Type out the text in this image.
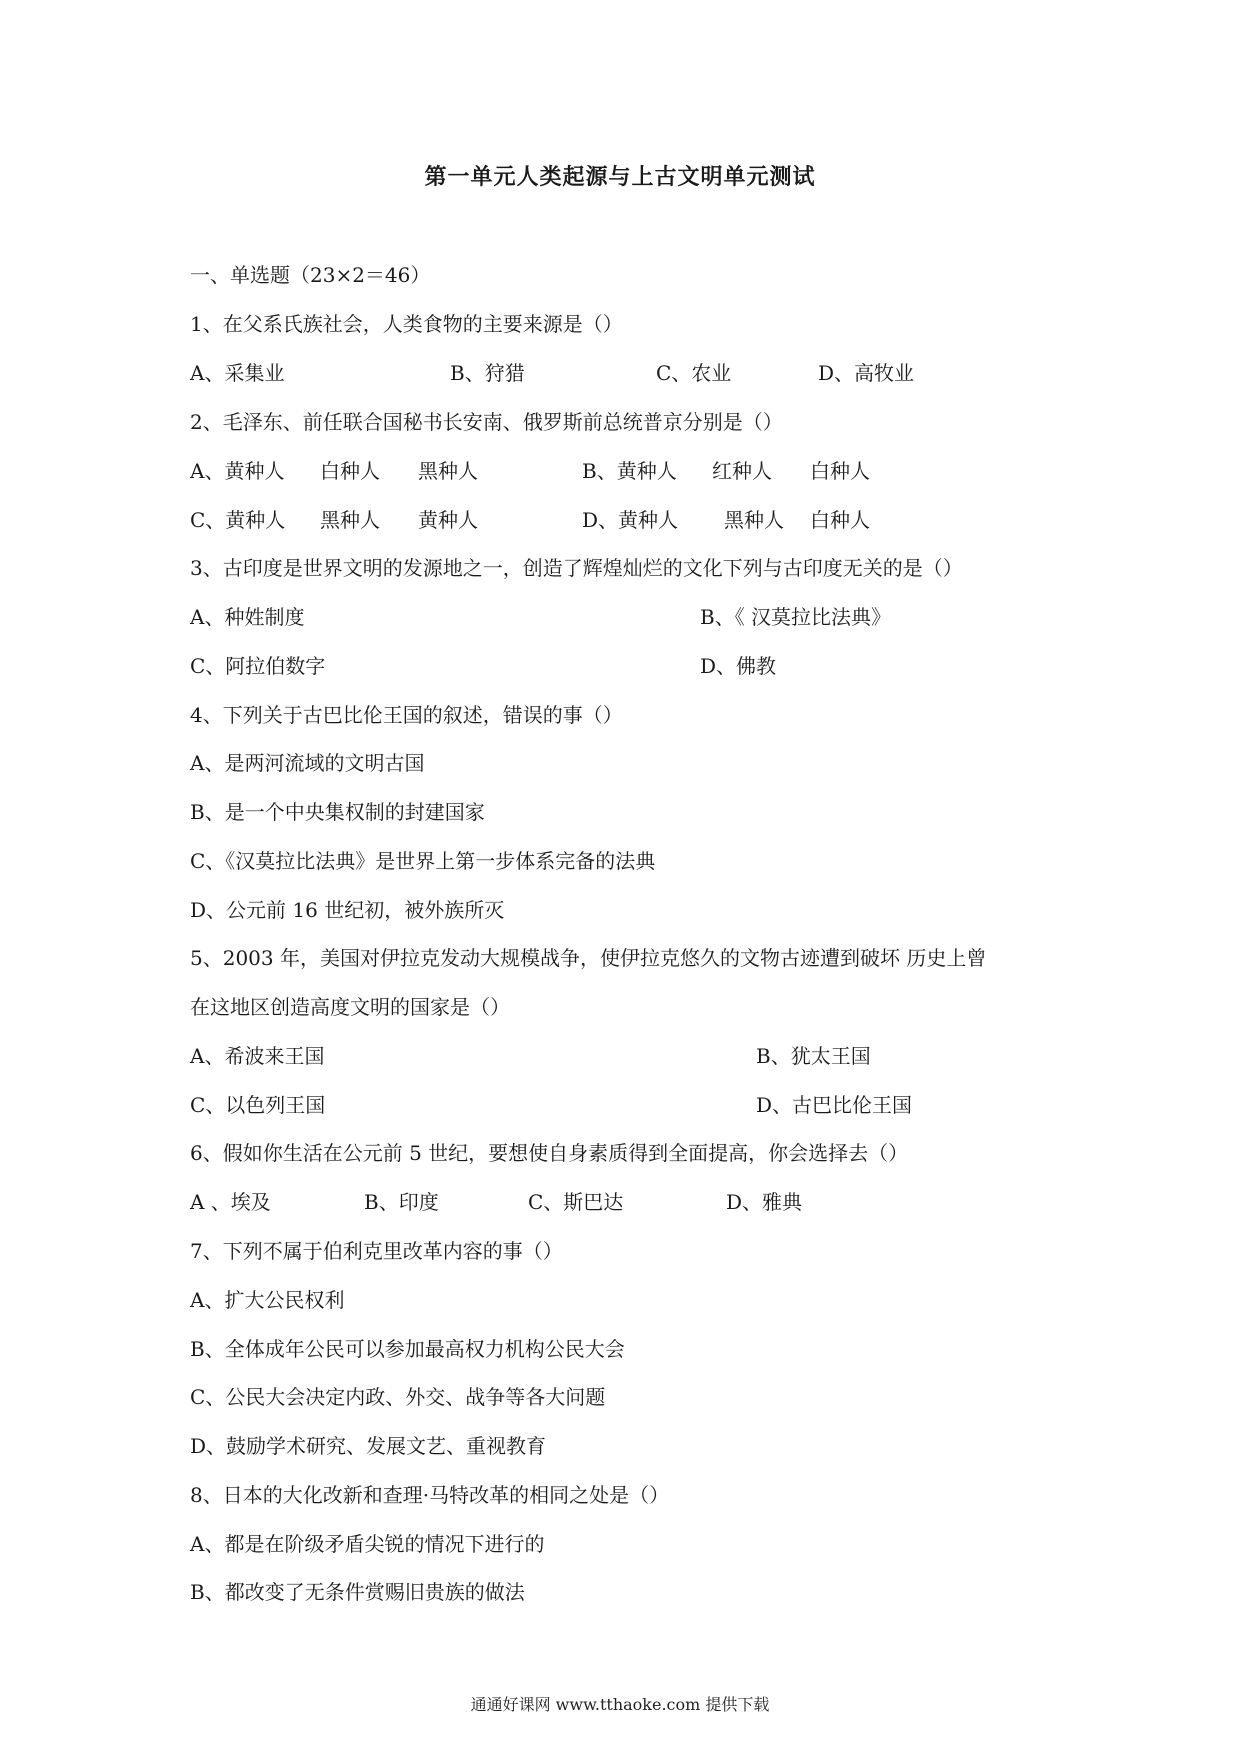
第一单元人类起源与上古文明单元测试
一、单选题（23×2＝46）
1、在父系氏族社会，人类食物的主要来源是（）
A、采集业	B、狩猎	C、农业	D、高牧业
2、毛泽东、前任联合国秘书长安南、俄罗斯前总统普京分别是（）
A、黄种人 白种人 黑种人	B、黄种人 红种人 白种人
C、黄种人 黑种人 黄种人	D、黄种人 黑种人 白种人
3、古印度是世界文明的发源地之一，创造了辉煌灿烂的文化下列与古印度无关的是（）
A、种姓制度	B、《 汉莫拉比法典》
C、阿拉伯数字	D、佛教
4、下列关于古巴比伦王国的叙述，错误的事（）
A、是两河流域的文明古国
B、是一个中央集权制的封建国家
C、《汉莫拉比法典》是世界上第一步体系完备的法典
D、公元前 16 世纪初，被外族所灭
5、2003 年，美国对伊拉克发动大规模战争，使伊拉克悠久的文物古迹遭到破坏 历史上曾
在这地区创造高度文明的国家是（）
A、希波来王国	B、犹太王国
C、以色列王国	D、古巴比伦王国
6、假如你生活在公元前 5 世纪，要想使自身素质得到全面提高，你会选择去（）
A 、埃及	B、印度	C、斯巴达	D、雅典
7、下列不属于伯利克里改革内容的事（）
A、扩大公民权利
B、全体成年公民可以参加最高权力机构公民大会
C、公民大会决定内政、外交、战争等各大问题
D、鼓励学术研究、发展文艺、重视教育
8、日本的大化改新和查理·马特改革的相同之处是（）
A、都是在阶级矛盾尖锐的情况下进行的
B、都改变了无条件赏赐旧贵族的做法
通通好课网 www.tthaoke.com 提供下载
